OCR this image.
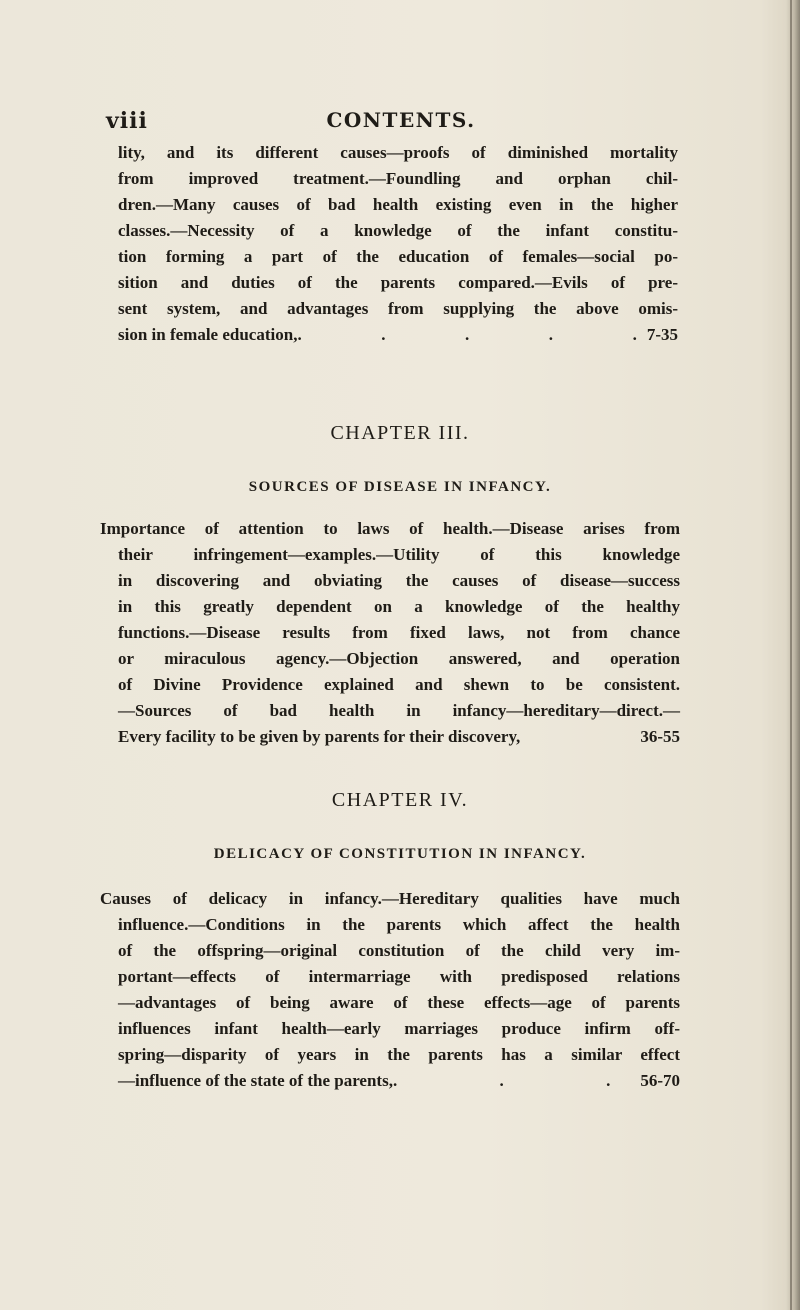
viii	CONTENTS.
lity, and its different causes—proofs of diminished mortality
from improved treatment.—Foundling and orphan chil-
dren.—Many causes of bad health existing even in the higher
classes.—Necessity of a knowledge of the infant constitu-
tion forming a part of the education of females—social po-
sition and duties of the parents compared.—Evils of pre-
sent system, and advantages from supplying the above omis-
sion in female education, . . . . . 7-35
CHAPTER III.
SOURCES OF DISEASE IN INFANCY.
Importance of attention to laws of health.—Disease arises from
their infringement—examples.—Utility of this knowledge
in discovering and obviating the causes of disease—success
in this greatly dependent on a knowledge of the healthy
functions.—Disease results from fixed laws, not from chance
or miraculous agency.—Objection answered, and operation
of Divine Providence explained and shewn to be consistent.
—Sources of bad health in infancy—hereditary—direct.—
Every facility to be given by parents for their discovery,	36-55
CHAPTER IV.
DELICACY OF CONSTITUTION IN INFANCY.
Causes of delicacy in infancy.—Hereditary qualities have much
influence.—Conditions in the parents which affect the health
of the offspring—original constitution of the child very im-
portant—effects of intermarriage with predisposed relations
—advantages of being aware of these effects—age of parents
influences infant health—early marriages produce infirm off-
spring—disparity of years in the parents has a similar effect
—influence of the state of the parents, . . .	56-70
